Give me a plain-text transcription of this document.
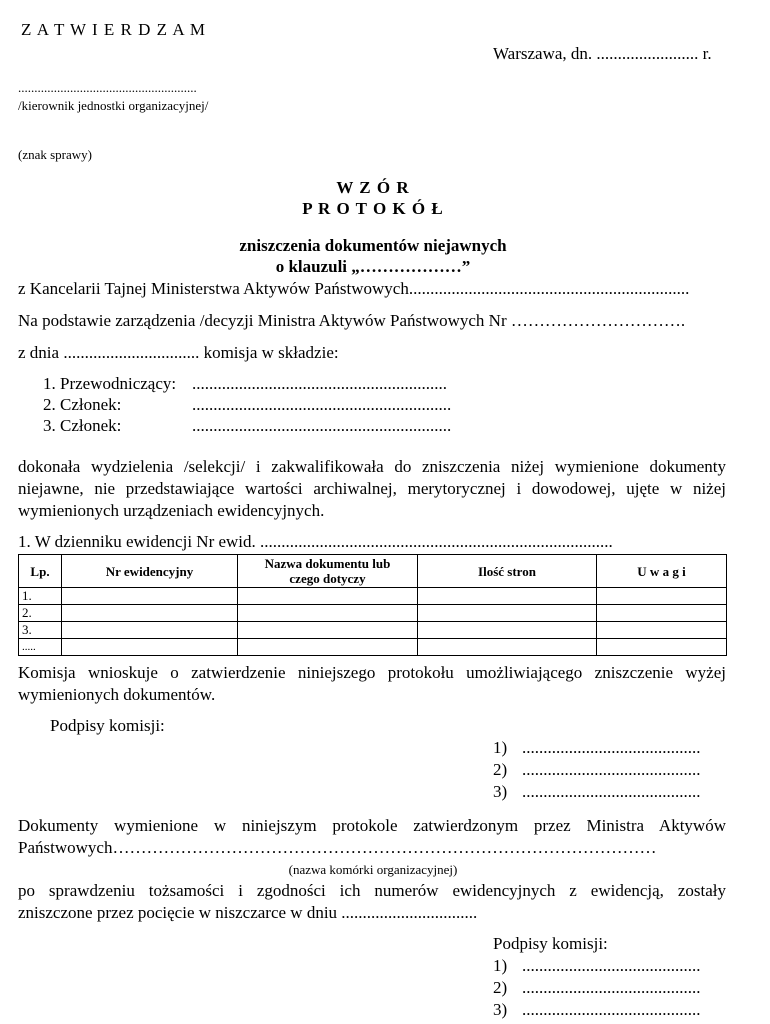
Z A T W I E R D Z A M
Warszawa, dn. ........................ r.
.......................................................
/kierownik jednostki organizacyjnej/
(znak sprawy)
W Z Ó R
P R O T O K Ó Ł
zniszczenia dokumentów niejawnych
o klauzuli „………………”
z Kancelarii Tajnej Ministerstwa Aktywów Państwowych..................................................................
Na podstawie zarządzenia /decyzji Ministra Aktywów Państwowych Nr ………………………….
z dnia ................................ komisja w składzie:
1. Przewodniczący: ............................................................
2. Członek:	.............................................................
3. Członek:	.............................................................
dokonała wydzielenia /selekcji/ i zakwalifikowała do zniszczenia niżej wymienione dokumenty
niejawne, nie przedstawiające wartości archiwalnej, merytorycznej i dowodowej, ujęte w niżej
wymienionych urządzeniach ewidencyjnych.
1. W dzienniku ewidencji Nr ewid. ...................................................................................
Lp.	Nr ewidencyjny	Nazwa dokumentu lub czego dotyczy	Ilość stron	U w a g i
1.				
2.				
3.				
.....				
Komisja wnioskuje o zatwierdzenie niniejszego protokołu umożliwiającego zniszczenie wyżej
wymienionych dokumentów.
Podpisy komisji:
1) ..........................................
2) ..........................................
3) ..........................................
Dokumenty wymienione w niniejszym protokole zatwierdzonym przez Ministra Aktywów
Państwowych……………………………………………………………………………………
(nazwa komórki organizacyjnej)
po sprawdzeniu tożsamości i zgodności ich numerów ewidencyjnych z ewidencją, zostały
zniszczone przez pocięcie w niszczarce w dniu ................................
Podpisy komisji:
1) ..........................................
2) ..........................................
3) ..........................................
